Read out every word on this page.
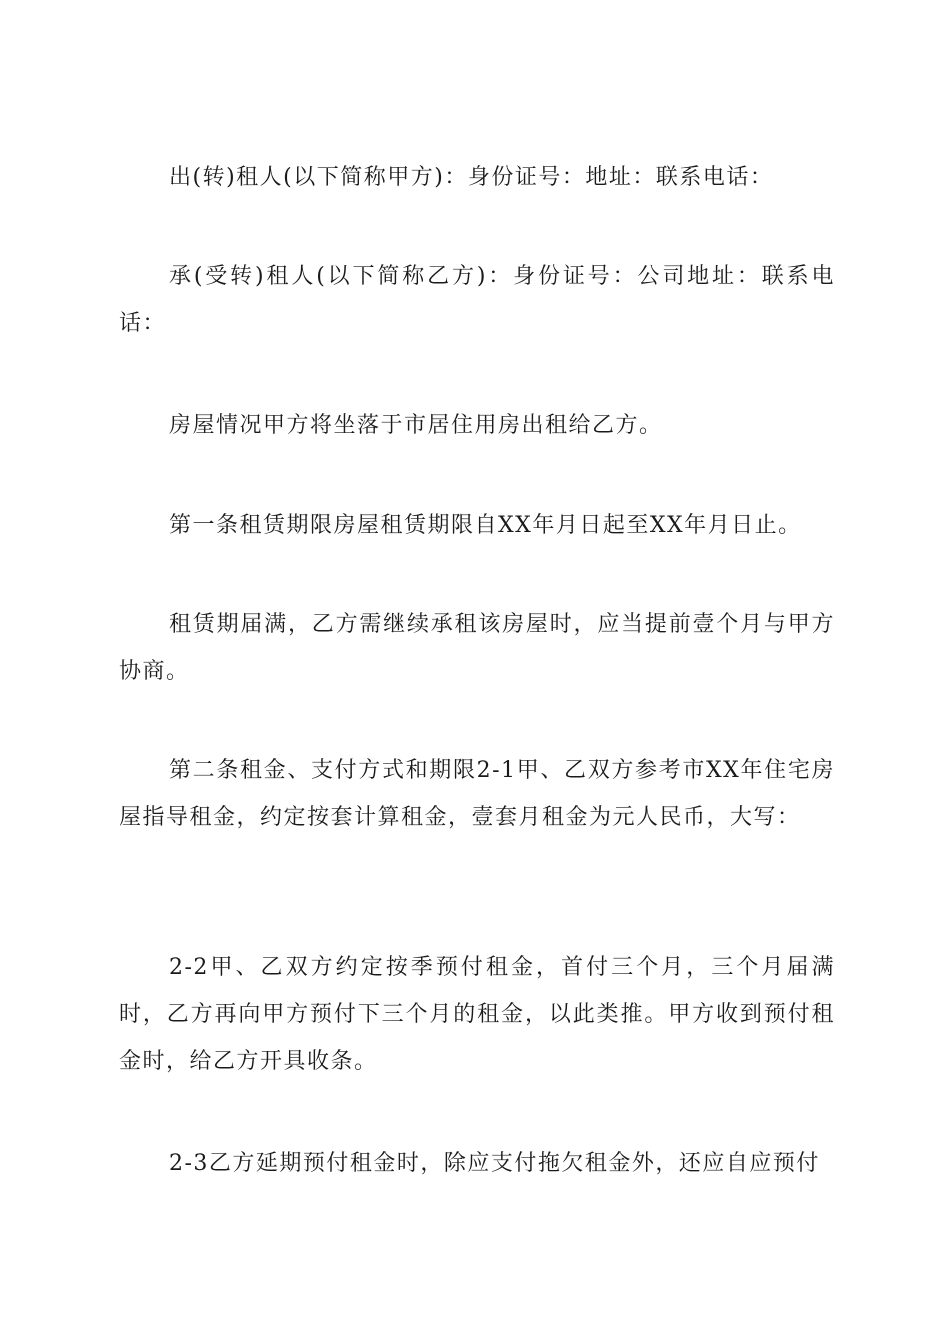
出(转)租人(以下简称甲方)：身份证号：地址：联系电话：

承(受转)租人(以下简称乙方)：身份证号：公司地址：联系电话：

房屋情况甲方将坐落于市居住用房出租给乙方。

第一条租赁期限房屋租赁期限自XX年月日起至XX年月日止。

租赁期届满，乙方需继续承租该房屋时，应当提前壹个月与甲方协商。

第二条租金、支付方式和期限2-1甲、乙双方参考市XX年住宅房屋指导租金，约定按套计算租金，壹套月租金为元人民币，大写：

2-2甲、乙双方约定按季预付租金，首付三个月，三个月届满时，乙方再向甲方预付下三个月的租金，以此类推。甲方收到预付租金时，给乙方开具收条。

2-3乙方延期预付租金时，除应支付拖欠租金外，还应自应预付
